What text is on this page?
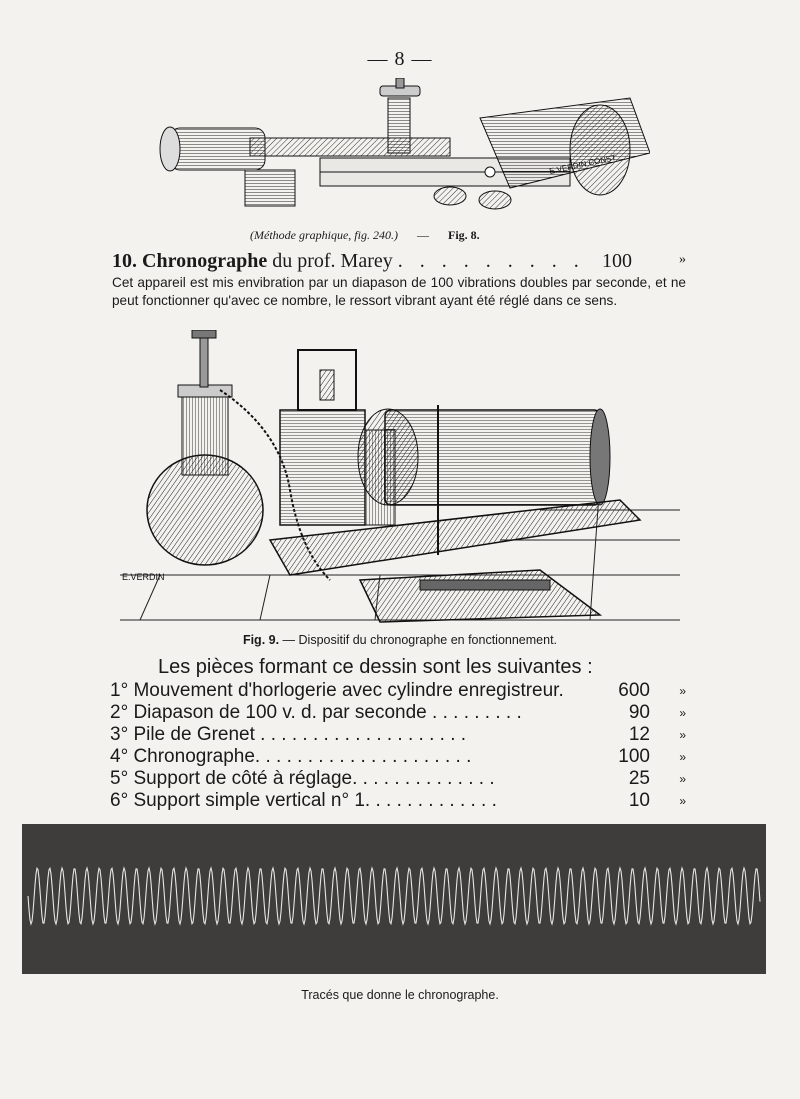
— 8 —
E.VERDIN CONST
(Méthode graphique, fig. 240.) — Fig. 8.
10. Chronographe du prof. Marey . . . . . . . . . 100	»
Cet appareil est mis envibration par un diapason de 100 vibrations doubles par seconde, et ne peut fonctionner qu'avec ce nombre, le ressort vibrant ayant été réglé dans ce sens.
E.VERDIN
Fig. 9. — Dispositif du chronographe en fonctionnement.
Les pièces formant ce dessin sont les suivantes :
1° Mouvement d'horlogerie avec cylindre enregistreur.	600 »
2° Diapason de 100 v. d. par seconde . . . . . . . . .	90 »
3° Pile de Grenet . . . . . . . . . . . . . . . . . . . .	12 »
4° Chronographe. . . . . . . . . . . . . . . . . . . . .	100 »
5° Support de côté à réglage. . . . . . . . . . . . . .	25 »
6° Support simple vertical n° 1. . . . . . . . . . . . .	10 »
Tracés que donne le chronographe.
